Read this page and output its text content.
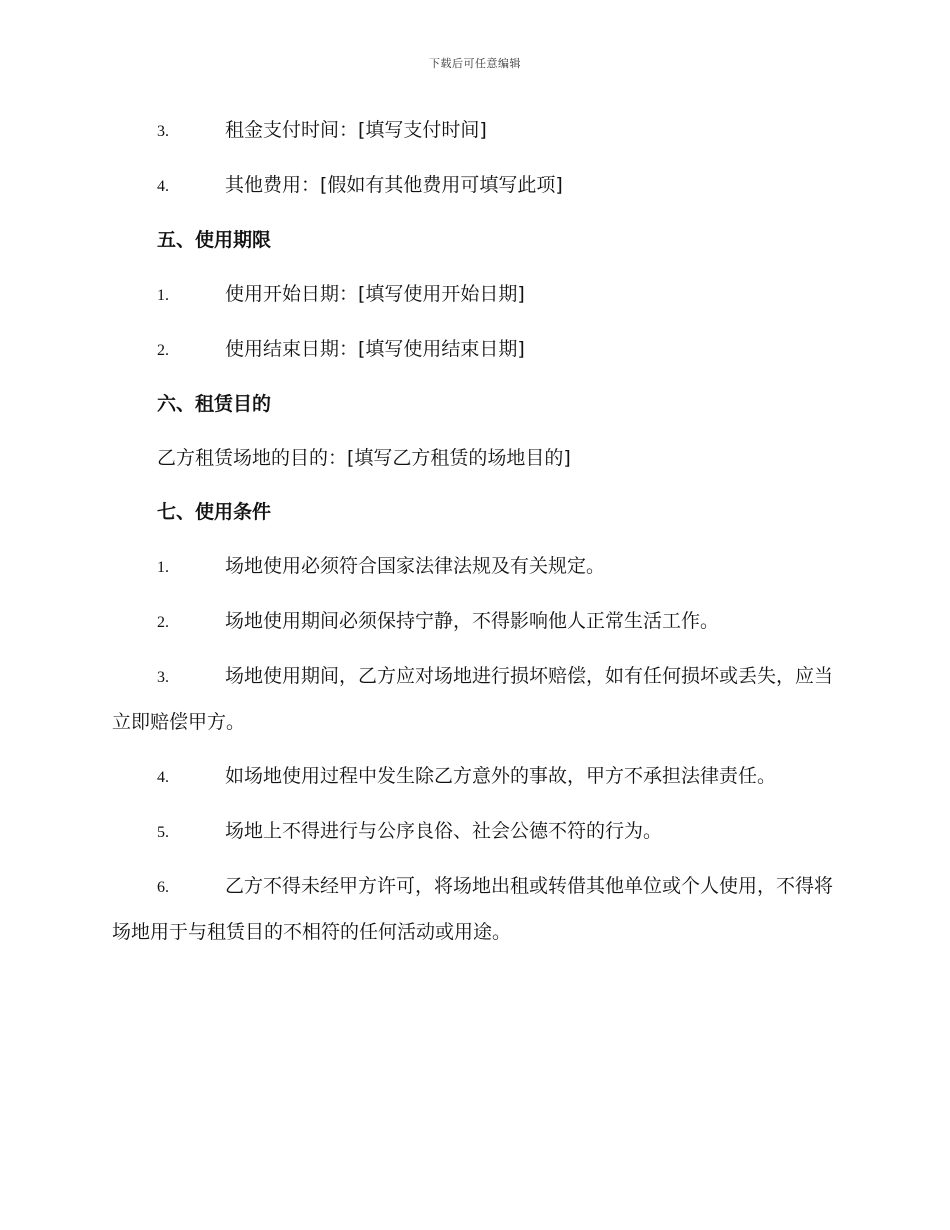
下载后可任意编辑

3.	租金支付时间：[填写支付时间]

4.	其他费用：[假如有其他费用可填写此项]

五、使用期限

1.	使用开始日期：[填写使用开始日期]

2.	使用结束日期：[填写使用结束日期]

六、租赁目的

乙方租赁场地的目的：[填写乙方租赁的场地目的]

七、使用条件

1.	场地使用必须符合国家法律法规及有关规定。

2.	场地使用期间必须保持宁静，不得影响他人正常生活工作。

3.	场地使用期间，乙方应对场地进行损坏赔偿，如有任何损坏或丢失，应当立即赔偿甲方。

4.	如场地使用过程中发生除乙方意外的事故，甲方不承担法律责任。

5.	场地上不得进行与公序良俗、社会公德不符的行为。

6.	乙方不得未经甲方许可，将场地出租或转借其他单位或个人使用，不得将场地用于与租赁目的不相符的任何活动或用途。
